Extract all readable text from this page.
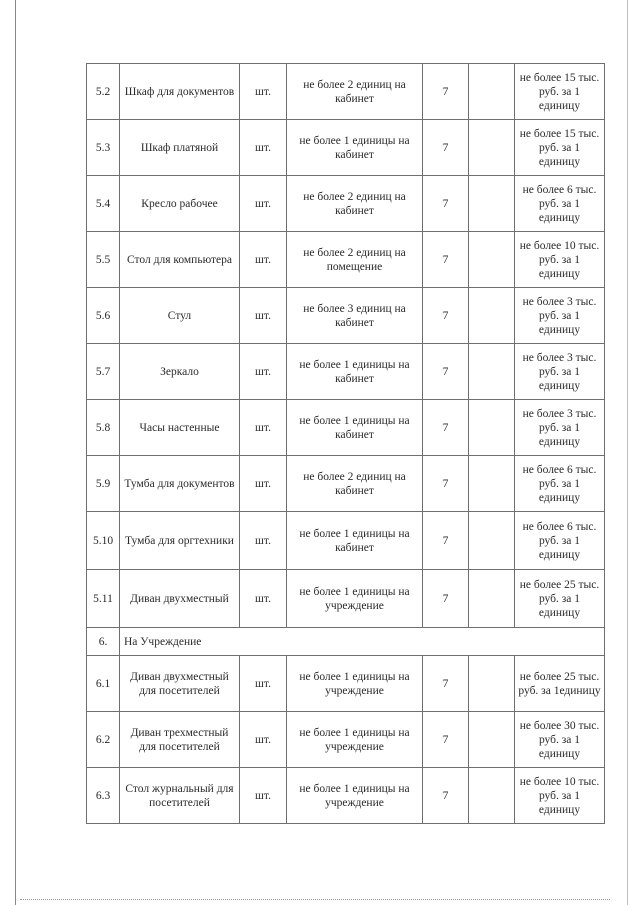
5.2	Шкаф для документов	шт.	не более 2 единиц на кабинет	7		не более 15 тыс. руб. за 1 единицу
5.3	Шкаф платяной	шт.	не более 1 единицы на кабинет	7		не более 15 тыс. руб. за 1 единицу
5.4	Кресло рабочее	шт.	не более 2 единиц на кабинет	7		не более 6 тыс. руб. за 1 единицу
5.5	Стол для компьютера	шт.	не более 2 единиц на помещение	7		не более 10 тыс. руб. за 1 единицу
5.6	Стул	шт.	не более 3 единиц на кабинет	7		не более 3 тыс. руб. за 1 единицу
5.7	Зеркало	шт.	не более 1 единицы на кабинет	7		не более 3 тыс. руб. за 1 единицу
5.8	Часы настенные	шт.	не более 1 единицы на кабинет	7		не более 3 тыс. руб. за 1 единицу
5.9	Тумба для документов	шт.	не более 2 единиц на кабинет	7		не более 6 тыс. руб. за 1 единицу
5.10	Тумба для оргтехники	шт.	не более 1 единицы на кабинет	7		не более 6 тыс. руб. за 1 единицу
5.11	Диван двухместный	шт.	не более 1 единицы на учреждение	7		не более 25 тыс. руб. за 1 единицу
6.	На Учреждение					
6.1	Диван двухместный для посетителей	шт.	не более 1 единицы на учреждение	7		не более 25 тыс. руб. за 1единицу
6.2	Диван трехместный для посетителей	шт.	не более 1 единицы на учреждение	7		не более 30 тыс. руб. за 1 единицу
6.3	Стол журнальный для посетителей	шт.	не более 1 единицы на учреждение	7		не более 10 тыс. руб. за 1 единицу
